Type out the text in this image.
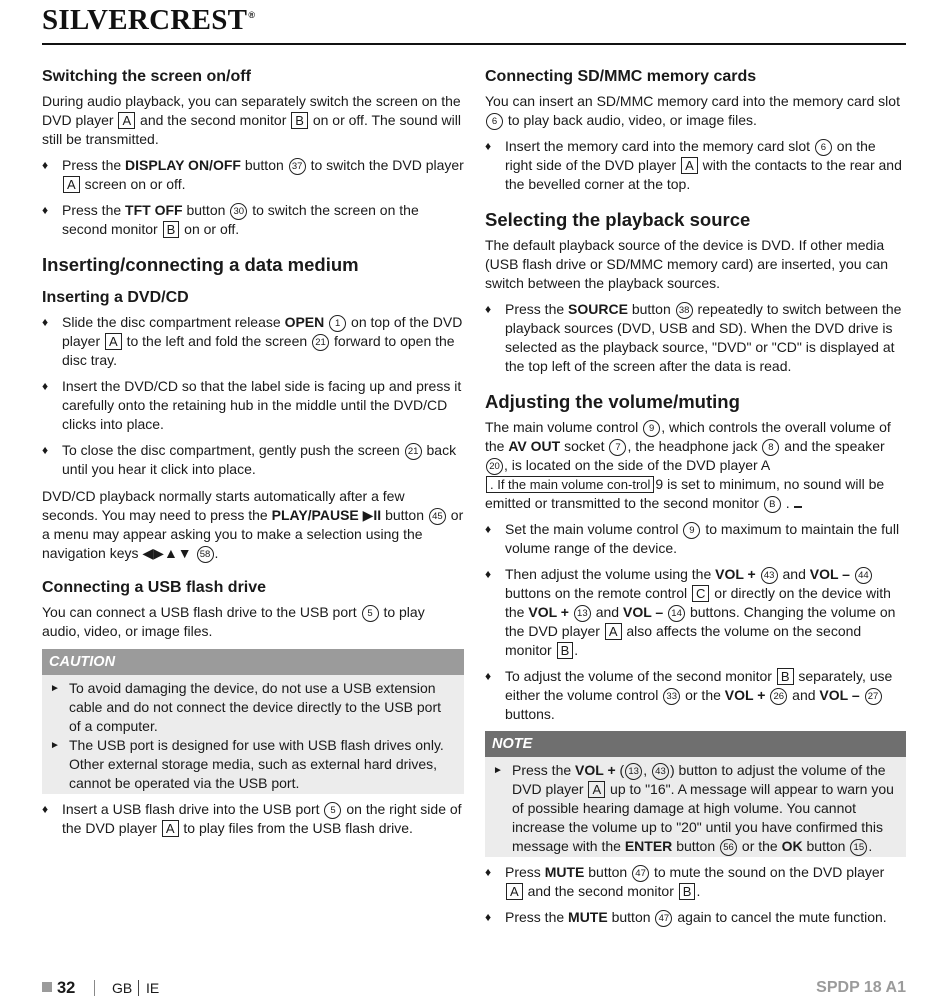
SILVERCREST®
Switching the screen on/off

During audio playback, you can separately switch the screen on the DVD player A and the second monitor B on or off. The sound will still be transmitted.

♦ Press the DISPLAY ON/OFF button 37 to switch the DVD player A screen on or off.
♦ Press the TFT OFF button 30 to switch the screen on the second monitor B on or off.
Inserting/connecting a data medium
Inserting a DVD/CD
♦ Slide the disc compartment release OPEN 1 on top of the DVD player A to the left and fold the screen 21 forward to open the disc tray.
♦ Insert the DVD/CD so that the label side is facing up and press it carefully onto the retaining hub in the middle until the DVD/CD clicks into place.
♦ To close the disc compartment, gently push the screen 21 back until you hear it click into place.

DVD/CD playback normally starts automatically after a few seconds. You may need to press the PLAY/PAUSE ▶II button 45 or a menu may appear asking you to make a selection using the navigation keys ◀▶▲▼ 58 .

Connecting a USB flash drive

You can connect a USB flash drive to the USB port 5 to play audio, video, or image files.

CAUTION
► To avoid damaging the device, do not use a USB extension cable and do not connect the device directly to the USB port of a computer.
► The USB port is designed for use with USB flash drives only. Other external storage media, such as external hard drives, cannot be operated via the USB port.
♦ Insert a USB flash drive into the USB port 5 on the right side of the DVD player A to play files from the USB flash drive.
Connecting SD/MMC memory cards

You can insert an SD/MMC memory card into the memory card slot 6 to play back audio, video, or image files.

♦ Insert the memory card into the memory card slot 6 on the right side of the DVD player A with the contacts to the rear and the bevelled corner at the top.
Selecting the playback source

The default playback source of the device is DVD. If other media (USB flash drive or SD/MMC memory card) are inserted, you can switch between the playback sources.

♦ Press the SOURCE button 38 repeatedly to switch between the playback sources (DVD, USB and SD). When the DVD drive is selected as the playback source, "DVD" or "CD" is displayed at the top left of the screen after the data is read.
Adjusting the volume/muting

The main volume control 9 , which controls the overall volume of the AV OUT socket 7 , the headphone jack 8 and the speaker 20 , is located on the side of the DVD player A . If the main volume con-trol 9 is set to minimum, no sound will be emitted or transmitted to the second monitor B .

♦ Set the main volume control 9 to maximum to maintain the full volume range of the device.
♦ Then adjust the volume using the VOL + 43 and VOL – 44 buttons on the remote control C or directly on the device with the VOL + 13 and VOL – 14 buttons. Changing the volume on the DVD player A also affects the volume on the second monitor B .
♦ To adjust the volume of the second monitor B separately, use either the volume control 33 or the VOL + 26 and VOL – 27 buttons.
NOTE
► Press the VOL + ( 13 , 43 ) button to adjust the volume of the DVD player A up to "16". A message will appear to warn you of possible hearing damage at high volume. You cannot increase the volume up to "20" until you have confirmed this message with the ENTER button 56 or the OK button 15 .
♦ Press MUTE button 47 to mute the sound on the DVD player A and the second monitor B .
♦ Press the MUTE button 47 again to cancel the mute function.
32	GB IE	SPDP 18 A1
